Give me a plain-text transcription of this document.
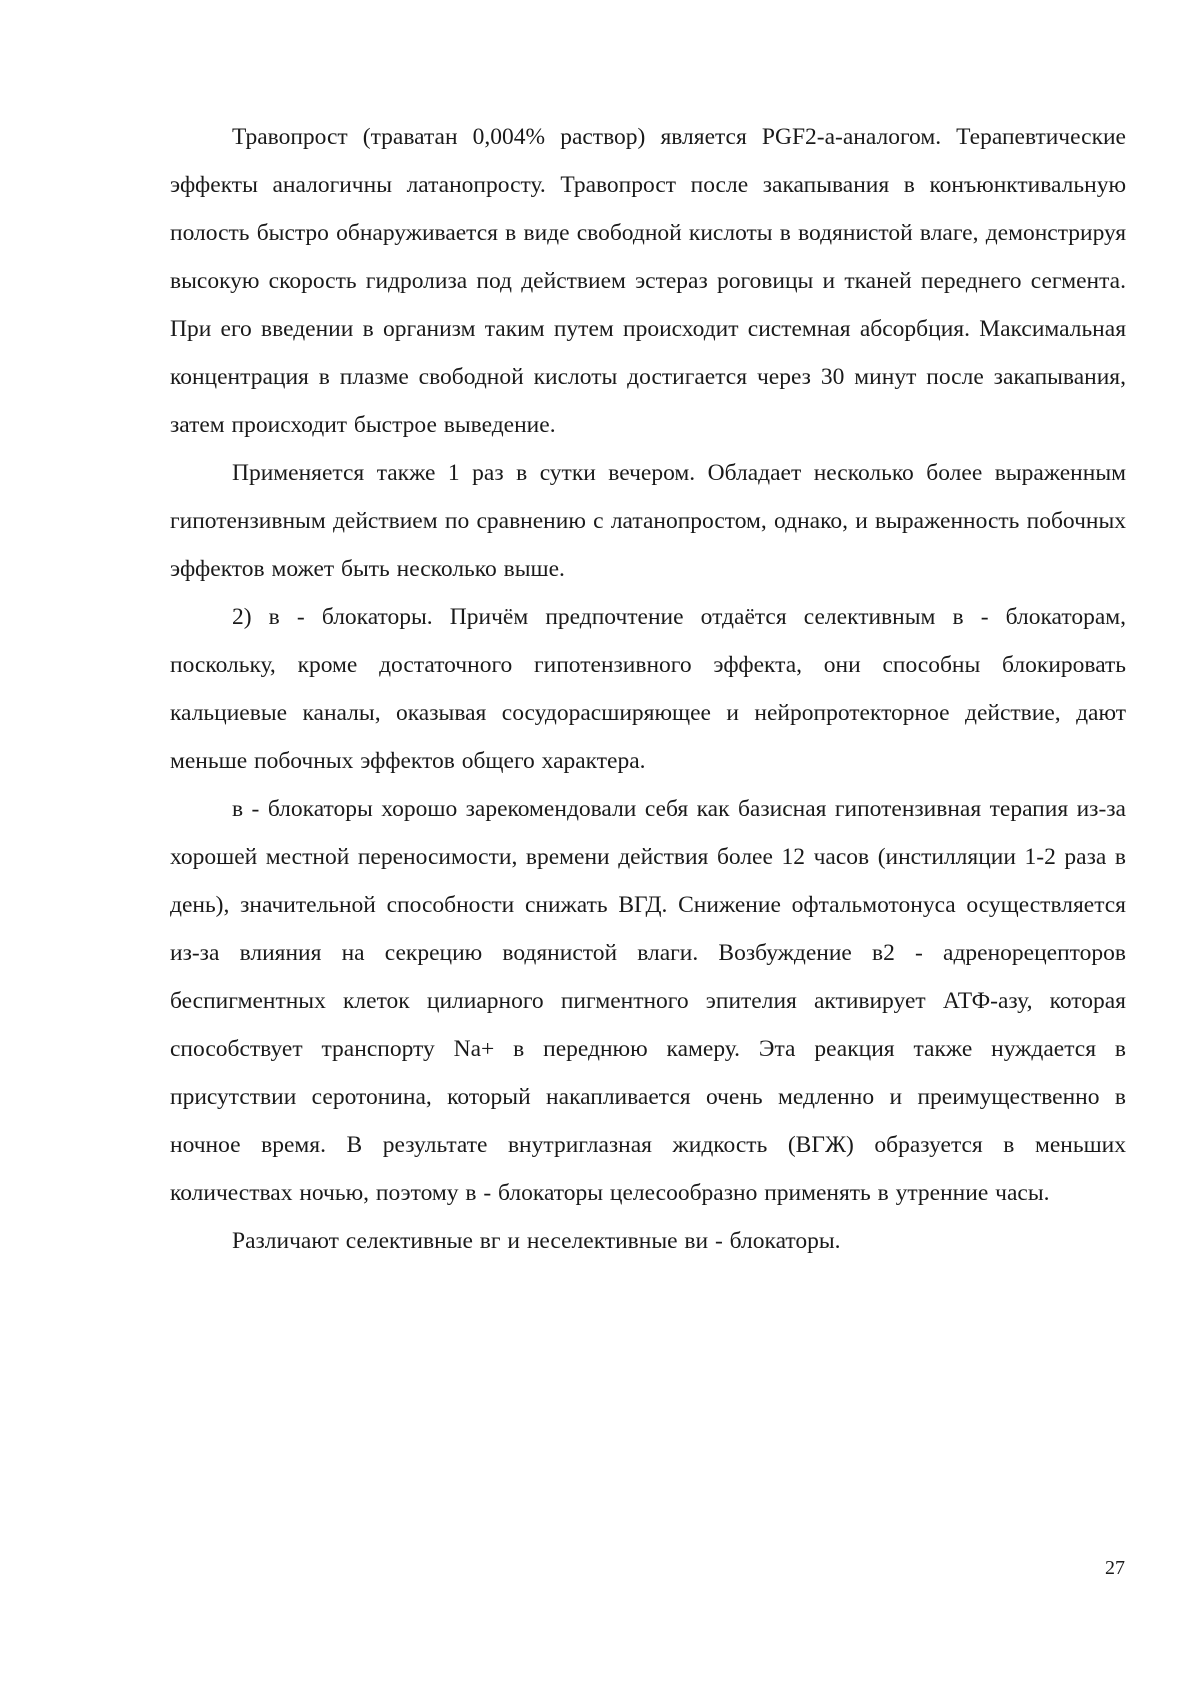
Травопрост (траватан 0,004% раствор) является PGF2-a-аналогом. Терапевтические эффекты аналогичны латанопросту. Травопрост после закапывания в конъюнктивальную полость быстро обнаруживается в виде свободной кислоты в водянистой влаге, демонстрируя высокую скорость гидролиза под действием эстераз роговицы и тканей переднего сегмента. При его введении в организм таким путем происходит системная абсорбция. Максимальная концентрация в плазме свободной кислоты достигается через 30 минут после закапывания, затем происходит быстрое выведение.

Применяется также 1 раз в сутки вечером. Обладает несколько более выраженным гипотензивным действием по сравнению с латанопростом, однако, и выраженность побочных эффектов может быть несколько выше.

2) в - блокаторы. Причём предпочтение отдаётся селективным в - блокаторам, поскольку, кроме достаточного гипотензивного эффекта, они способны блокировать кальциевые каналы, оказывая сосудорасширяющее и нейропротекторное действие, дают меньше побочных эффектов общего характера.

в - блокаторы хорошо зарекомендовали себя как базисная гипотензивная терапия из-за хорошей местной переносимости, времени действия более 12 часов (инстилляции 1-2 раза в день), значительной способности снижать ВГД. Снижение офтальмотонуса осуществляется из-за влияния на секрецию водянистой влаги. Возбуждение в2 - адренорецепторов беспигментных клеток цилиарного пигментного эпителия активирует АТФ-азу, которая способствует транспорту Na+ в переднюю камеру. Эта реакция также нуждается в присутствии серотонина, который накапливается очень медленно и преимущественно в ночное время. В результате внутриглазная жидкость (ВГЖ) образуется в меньших количествах ночью, поэтому в - блокаторы целесообразно применять в утренние часы.

Различают селективные вг и неселективные ви - блокаторы.

27
